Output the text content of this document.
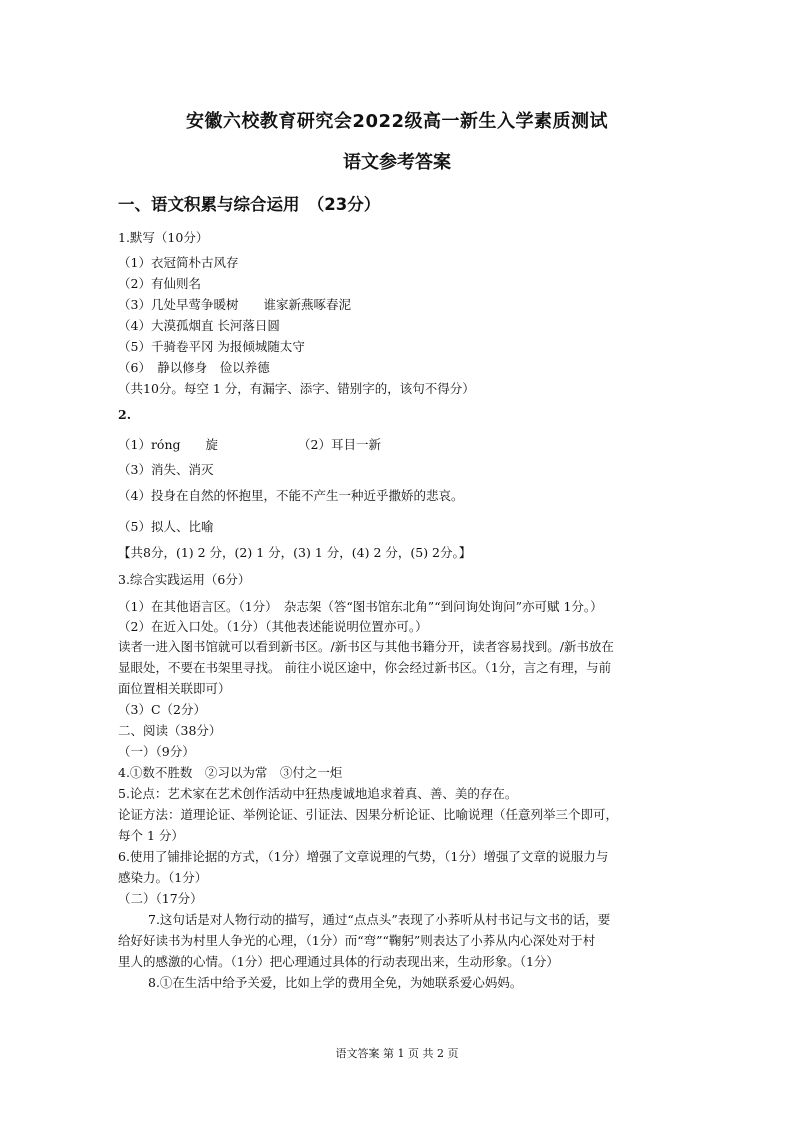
安徽六校教育研究会2022级高一新生入学素质测试
语文参考答案
一、语文积累与综合运用　（23分）
1.默写（10分）
（1）衣冠简朴古风存
（2）有仙则名
（3）几处早莺争暖树　　谁家新燕啄春泥
（4）大漠孤烟直 长河落日圆
（5）千骑卷平冈 为报倾城随太守
（6）　静以修身　俭以养德
（共10分。每空 1 分，有漏字、添字、错别字的，该句不得分）
2.
（1）róng　　旋	（2）耳目一新
（3）消失、消灭
（4）投身在自然的怀抱里，不能不产生一种近乎撒娇的悲哀。
（5）拟人、比喻
【共8分，(1) 2 分，(2) 1 分，(3) 1 分，(4) 2 分，(5) 2分。】
3.综合实践运用（6分）
（1）在其他语言区。（1分）　杂志架（答“图书馆东北角”“到问询处询问”亦可赋 1分。）
（2）在近入口处。（1分）（其他表述能说明位置亦可。）
读者一进入图书馆就可以看到新书区。/新书区与其他书籍分开，读者容易找到。/新书放在
显眼处，不要在书架里寻找。 前往小说区途中，你会经过新书区。（1分，言之有理，与前
面位置相关联即可）
（3）C（2分）
二、阅读（38分）
（一）（9分）
4.①数不胜数　②习以为常　③付之一炬
5.论点：艺术家在艺术创作活动中狂热虔诚地追求着真、善、美的存在。
论证方法：道理论证、举例论证、引证法、因果分析论证、比喻说理（任意列举三个即可，
每个 1 分）
6.使用了铺排论据的方式，（1分）增强了文章说理的气势，（1分）增强了文章的说服力与
感染力。（1分）
（二）（17分）
7.这句话是对人物行动的描写，通过“点点头”表现了小荞听从村书记与文书的话，要
给好好读书为村里人争光的心理，（1分）而“弯”“鞠躬”则表达了小荞从内心深处对于村
里人的感激的心情。（1分）把心理通过具体的行动表现出来，生动形象。（1分）
8.①在生活中给予关爱，比如上学的费用全免，为她联系爱心妈妈。
语文答案 第 1 页 共 2 页
